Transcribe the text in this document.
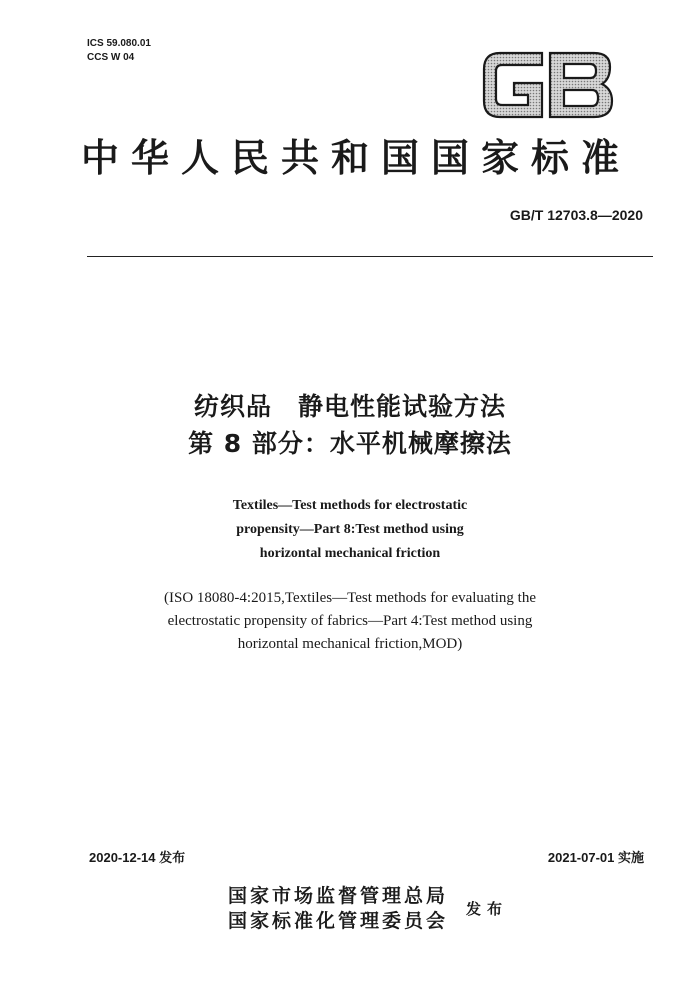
ICS 59.080.01
CCS W 04
中华人民共和国国家标准
GB/T 12703.8—2020
纺织品 静电性能试验方法
第 8 部分：水平机械摩擦法
Textiles—Test methods for electrostatic
propensity—Part 8:Test method using
horizontal mechanical friction
(ISO 18080-4:2015,Textiles—Test methods for evaluating the
electrostatic propensity of fabrics—Part 4:Test method using
horizontal mechanical friction,MOD)
2020-12-14 发布	2021-07-01 实施
国家市场监督管理总局
国家标准化管理委员会
发布
